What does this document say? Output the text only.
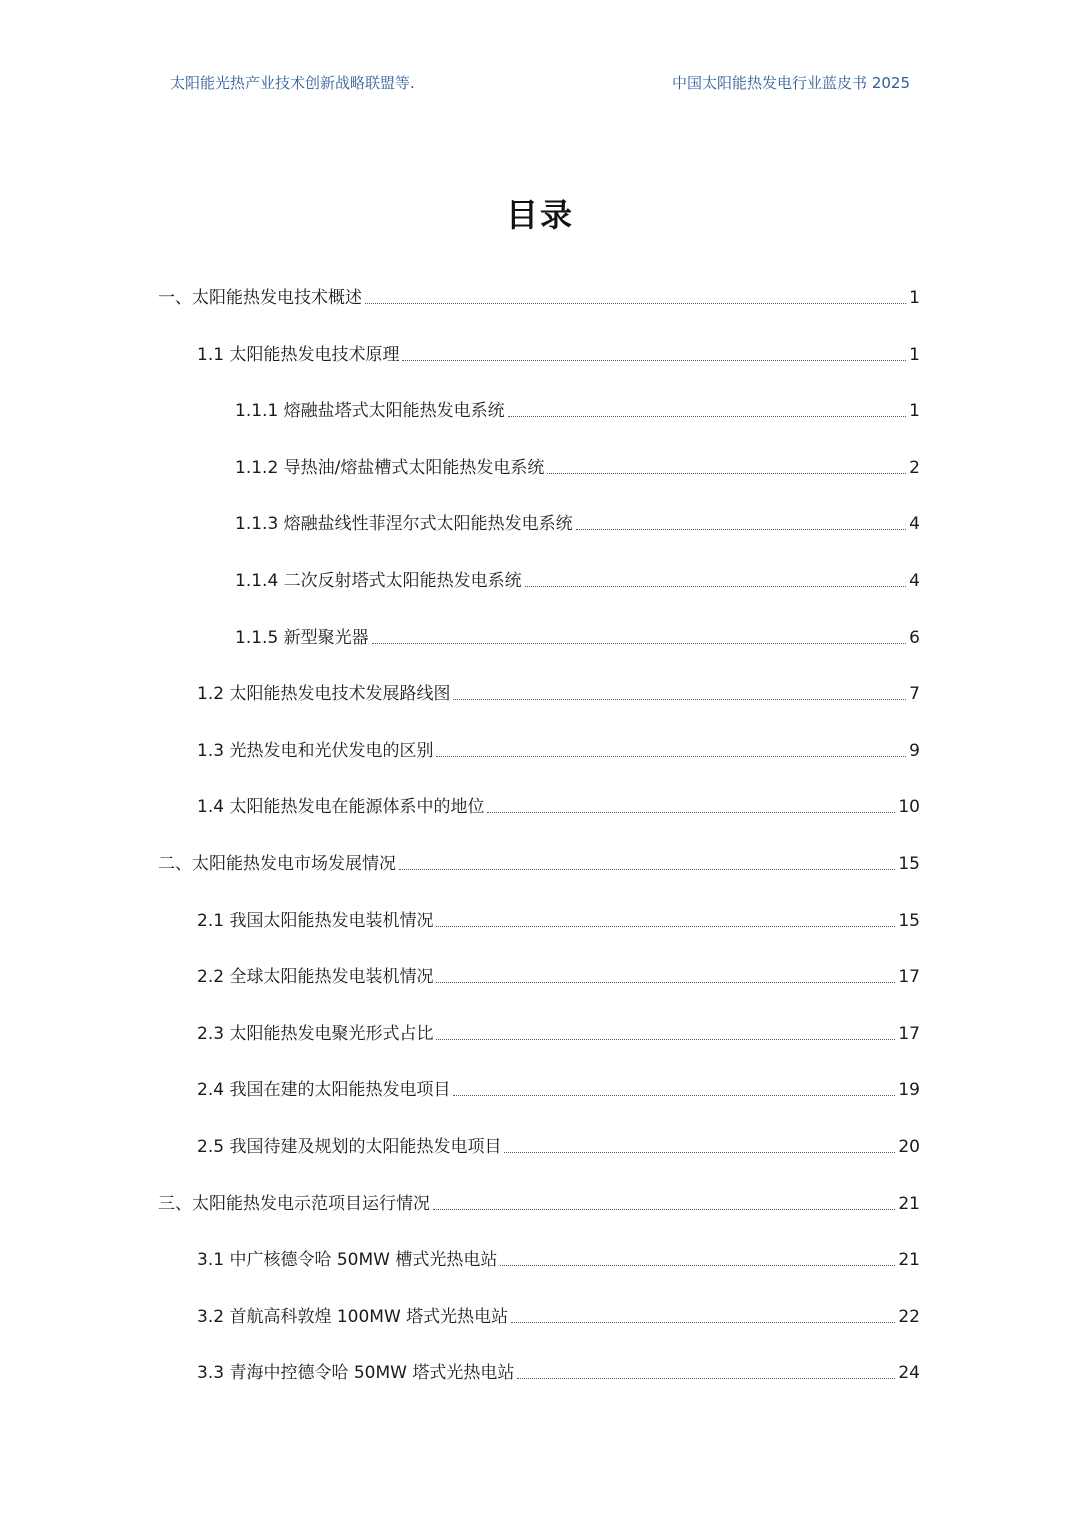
太阳能光热产业技术创新战略联盟等.	中国太阳能热发电行业蓝皮书 2025
目录
一、太阳能热发电技术概述	1
1.1 太阳能热发电技术原理	1
1.1.1 熔融盐塔式太阳能热发电系统	1
1.1.2 导热油/熔盐槽式太阳能热发电系统	2
1.1.3 熔融盐线性菲涅尔式太阳能热发电系统	4
1.1.4 二次反射塔式太阳能热发电系统	4
1.1.5 新型聚光器	6
1.2 太阳能热发电技术发展路线图	7
1.3 光热发电和光伏发电的区别	9
1.4 太阳能热发电在能源体系中的地位	10
二、太阳能热发电市场发展情况	15
2.1 我国太阳能热发电装机情况	15
2.2 全球太阳能热发电装机情况	17
2.3 太阳能热发电聚光形式占比	17
2.4 我国在建的太阳能热发电项目	19
2.5 我国待建及规划的太阳能热发电项目	20
三、太阳能热发电示范项目运行情况	21
3.1 中广核德令哈 50MW 槽式光热电站	21
3.2 首航高科敦煌 100MW 塔式光热电站	22
3.3 青海中控德令哈 50MW 塔式光热电站	24
